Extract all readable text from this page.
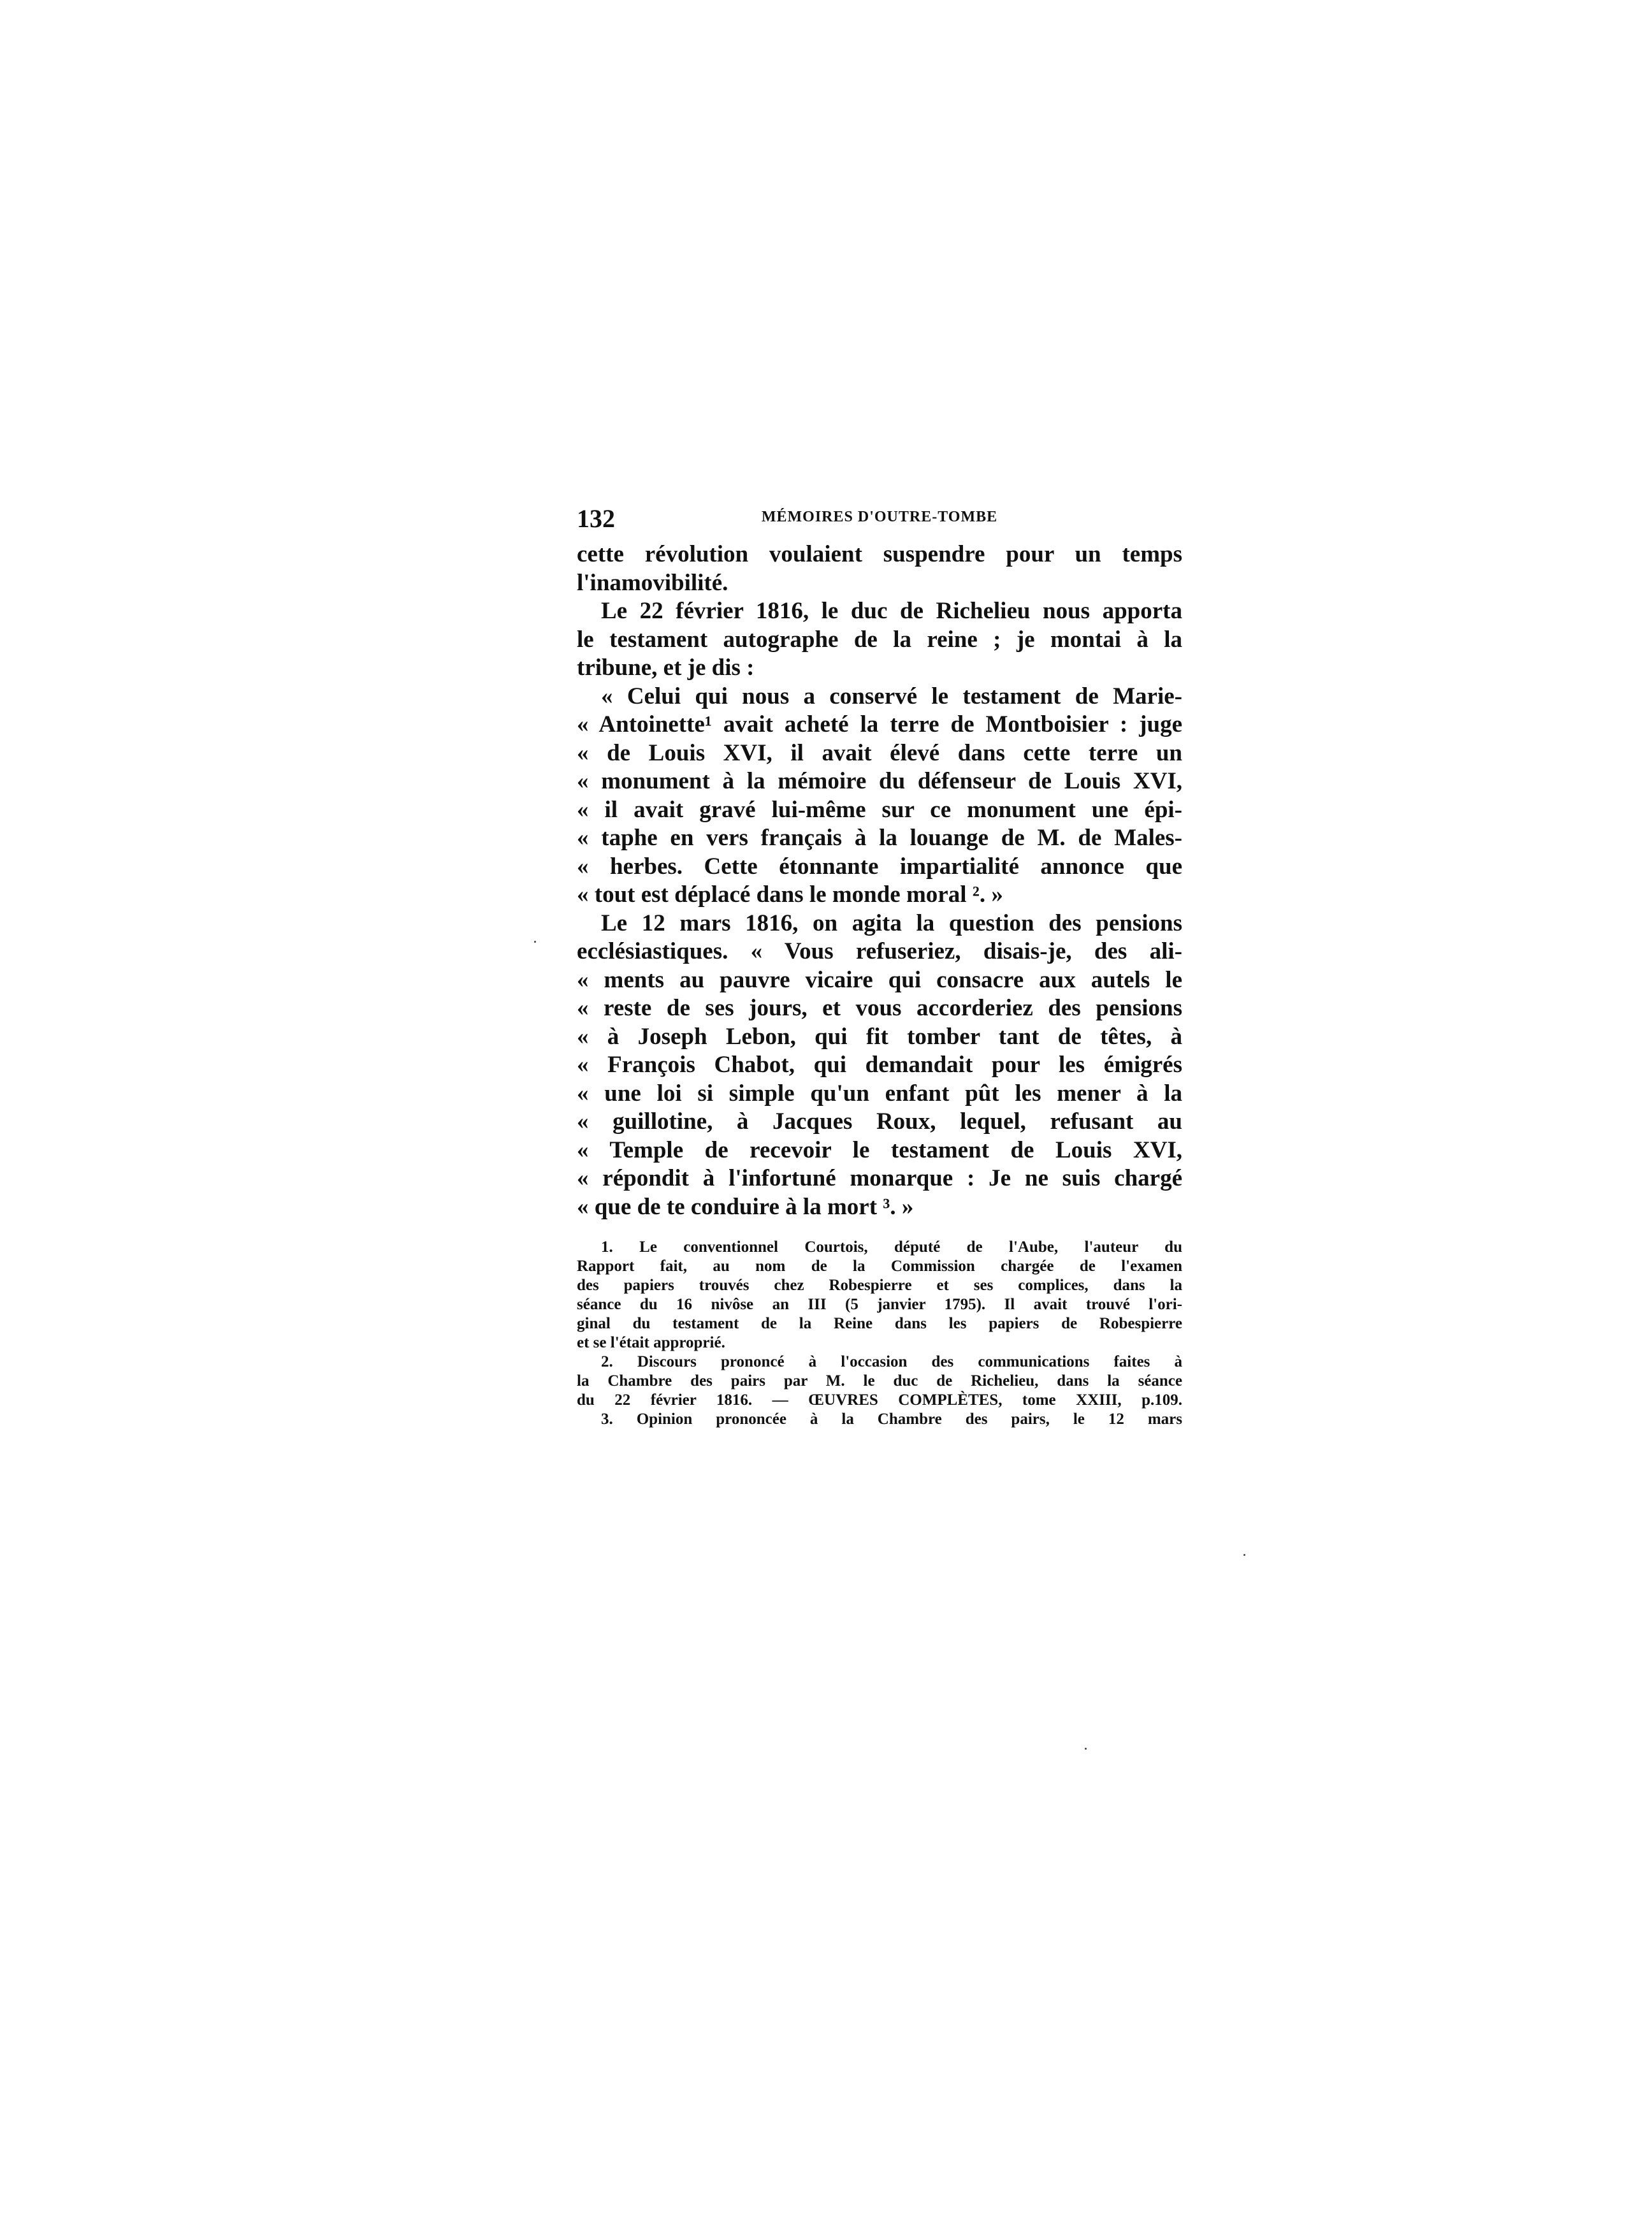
132	MÉMOIRES D'OUTRE-TOMBE
cette révolution voulaient suspendre pour un temps
l'inamovibilité.
Le 22 février 1816, le duc de Richelieu nous apporta
le testament autographe de la reine ; je montai à la
tribune, et je dis :
« Celui qui nous a conservé le testament de Marie-
« Antoinette¹ avait acheté la terre de Montboisier : juge
« de Louis XVI, il avait élevé dans cette terre un
« monument à la mémoire du défenseur de Louis XVI,
« il avait gravé lui-même sur ce monument une épi-
« taphe en vers français à la louange de M. de Males-
« herbes. Cette étonnante impartialité annonce que
« tout est déplacé dans le monde moral ². »
Le 12 mars 1816, on agita la question des pensions
ecclésiastiques. « Vous refuseriez, disais-je, des ali-
« ments au pauvre vicaire qui consacre aux autels le
« reste de ses jours, et vous accorderiez des pensions
« à Joseph Lebon, qui fit tomber tant de têtes, à
« François Chabot, qui demandait pour les émigrés
« une loi si simple qu'un enfant pût les mener à la
« guillotine, à Jacques Roux, lequel, refusant au
« Temple de recevoir le testament de Louis XVI,
« répondit à l'infortuné monarque : Je ne suis chargé
« que de te conduire à la mort ³. »
1. Le conventionnel Courtois, député de l'Aube, l'auteur du
Rapport fait, au nom de la Commission chargée de l'examen
des papiers trouvés chez Robespierre et ses complices, dans la
séance du 16 nivôse an III (5 janvier 1795). Il avait trouvé l'ori-
ginal du testament de la Reine dans les papiers de Robespierre
et se l'était approprié.
2. Discours prononcé à l'occasion des communications faites à
la Chambre des pairs par M. le duc de Richelieu, dans la séance
du 22 février 1816. — ŒUVRES COMPLÈTES, tome XXIII, p.109.
3. Opinion prononcée à la Chambre des pairs, le 12 mars
